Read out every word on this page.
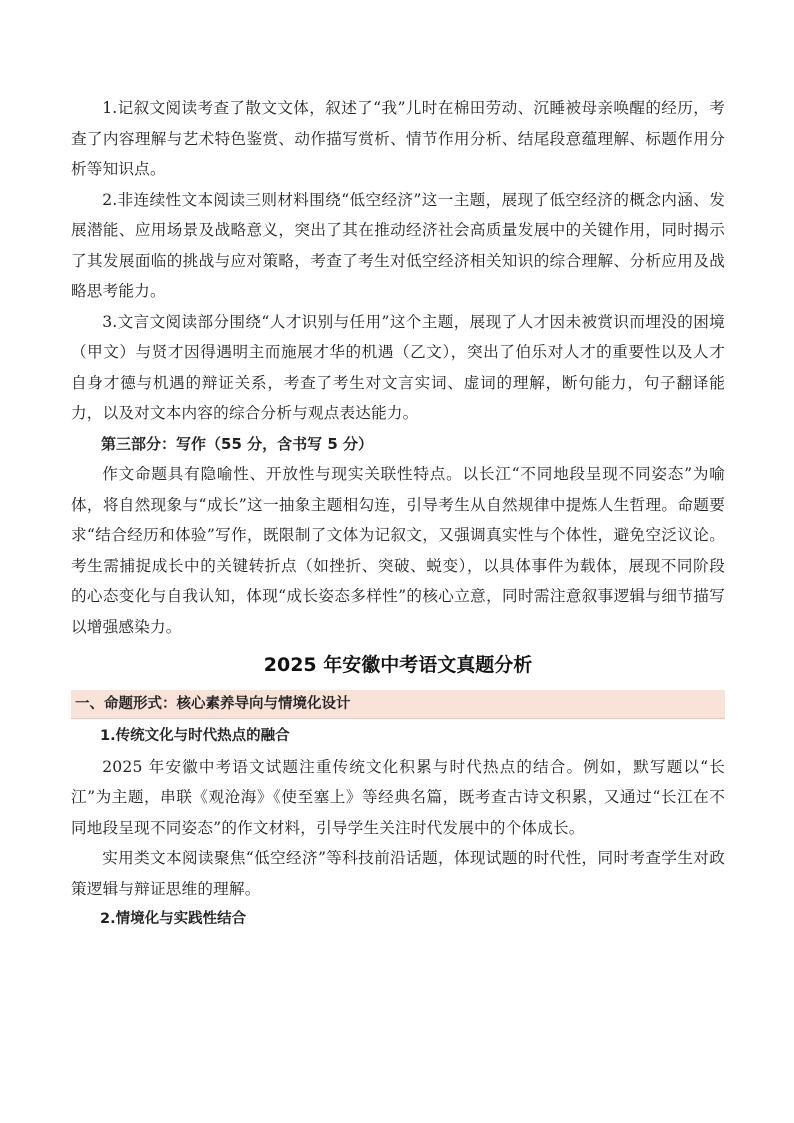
1.记叙文阅读考查了散文文体，叙述了“我”儿时在棉田劳动、沉睡被母亲唤醒的经历，考查了内容理解与艺术特色鉴赏、动作描写赏析、情节作用分析、结尾段意蕴理解、标题作用分析等知识点。

2.非连续性文本阅读三则材料围绕“低空经济”这一主题，展现了低空经济的概念内涵、发展潜能、应用场景及战略意义，突出了其在推动经济社会高质量发展中的关键作用，同时揭示了其发展面临的挑战与应对策略，考查了考生对低空经济相关知识的综合理解、分析应用及战略思考能力。

3.文言文阅读部分围绕“人才识别与任用”这个主题，展现了人才因未被赏识而埋没的困境（甲文）与贤才因得遇明主而施展才华的机遇（乙文），突出了伯乐对人才的重要性以及人才自身才德与机遇的辩证关系，考查了考生对文言实词、虚词的理解，断句能力，句子翻译能力，以及对文本内容的综合分析与观点表达能力。

第三部分：写作（55 分，含书写 5 分）

作文命题具有隐喻性、开放性与现实关联性特点。以长江“不同地段呈现不同姿态”为喻体，将自然现象与“成长”这一抽象主题相勾连，引导考生从自然规律中提炼人生哲理。命题要求“结合经历和体验”写作，既限制了文体为记叙文，又强调真实性与个体性，避免空泛议论。考生需捕捉成长中的关键转折点（如挫折、突破、蜕变），以具体事件为载体，展现不同阶段的心态变化与自我认知，体现“成长姿态多样性”的核心立意，同时需注意叙事逻辑与细节描写以增强感染力。

2025 年安徽中考语文真题分析
一、命题形式：核心素养导向与情境化设计
1.传统文化与时代热点的融合

2025 年安徽中考语文试题注重传统文化积累与时代热点的结合。例如，默写题以“长江”为主题，串联《观沧海》《使至塞上》等经典名篇，既考查古诗文积累，又通过“长江在不同地段呈现不同姿态”的作文材料，引导学生关注时代发展中的个体成长。

实用类文本阅读聚焦“低空经济”等科技前沿话题，体现试题的时代性，同时考查学生对政策逻辑与辩证思维的理解。

2.情境化与实践性结合
